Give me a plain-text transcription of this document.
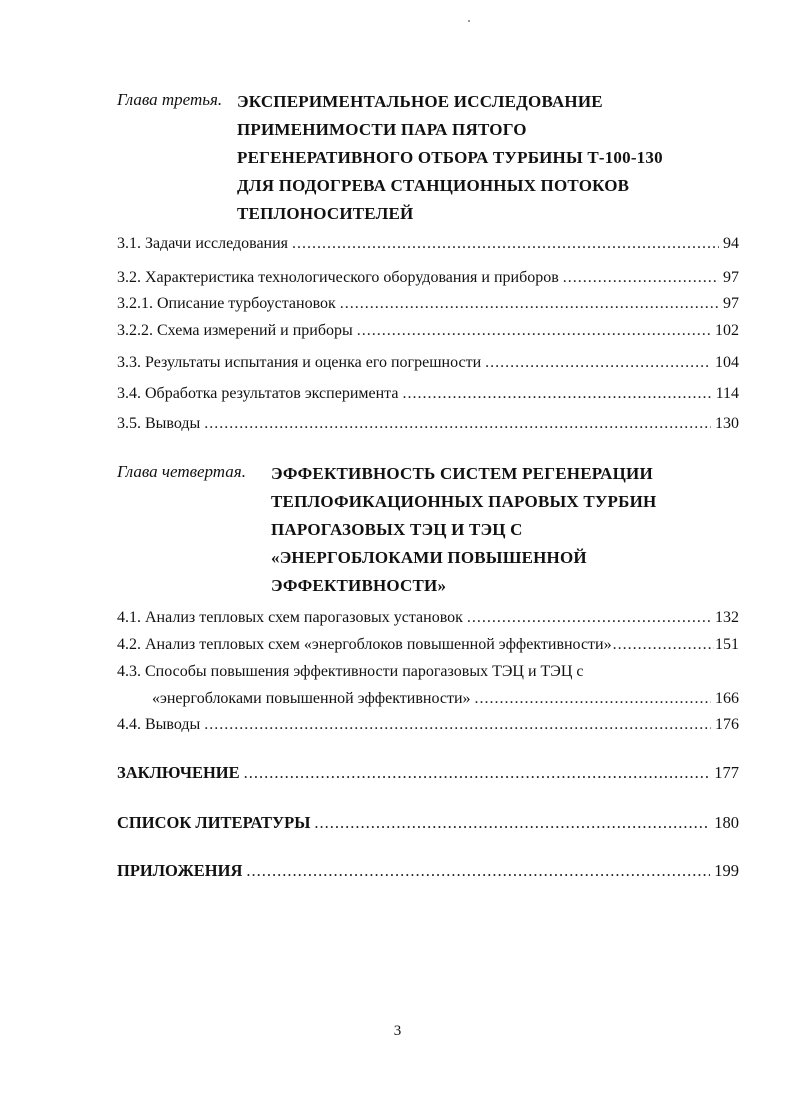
Глава третья. ЭКСПЕРИМЕНТАЛЬНОЕ ИССЛЕДОВАНИЕ
ПРИМЕНИМОСТИ ПАРА ПЯТОГО
РЕГЕНЕРАТИВНОГО ОТБОРА ТУРБИНЫ Т-100-130
ДЛЯ ПОДОГРЕВА СТАНЦИОННЫХ ПОТОКОВ
ТЕПЛОНОСИТЕЛЕЙ
3.1. Задачи исследования .....	94
3.2. Характеристика технологического оборудования и приборов .....	97
3.2.1. Описание турбоустановок .....	97
3.2.2. Схема измерений и приборы .....	102
3.3. Результаты испытания и оценка его погрешности .....	104
3.4. Обработка результатов эксперимента .....	114
3.5. Выводы .....	130
Глава четвертая. ЭФФЕКТИВНОСТЬ СИСТЕМ РЕГЕНЕРАЦИИ
ТЕПЛОФИКАЦИОННЫХ ПАРОВЫХ ТУРБИН
ПАРОГАЗОВЫХ ТЭЦ И ТЭЦ С
«ЭНЕРГОБЛОКАМИ ПОВЫШЕННОЙ
ЭФФЕКТИВНОСТИ»
4.1. Анализ тепловых схем парогазовых установок .....	132
4.2. Анализ тепловых схем «энергоблоков повышенной эффективности» .....	151
4.3. Способы повышения эффективности парогазовых ТЭЦ и ТЭЦ с
«энергоблоками повышенной эффективности» .....	166
4.4. Выводы .....	176
ЗАКЛЮЧЕНИЕ .....	177
СПИСОК ЛИТЕРАТУРЫ .....	180
ПРИЛОЖЕНИЯ .....	199
3
